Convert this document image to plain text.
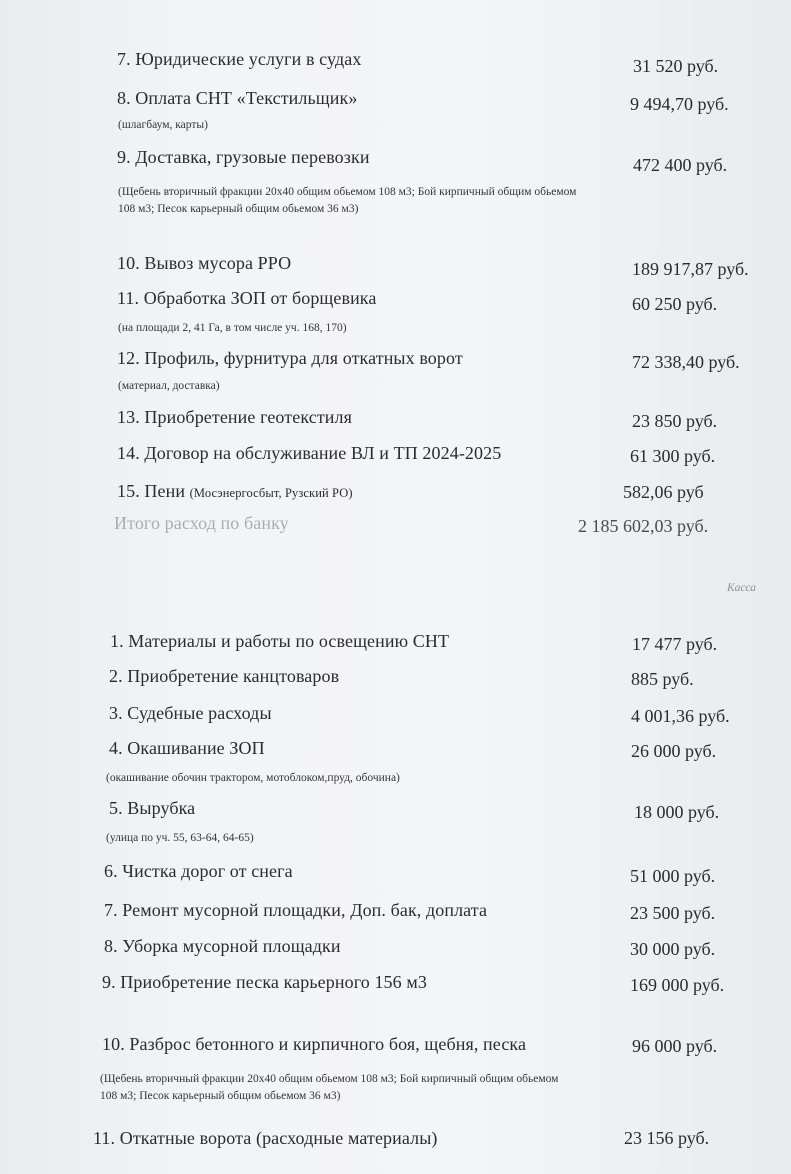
7. Юридические услуги в судах	31 520 руб.
8. Оплата СНТ «Текстильщик»	9 494,70 руб.
(шлагбаум, карты)
9. Доставка, грузовые перевозки	472 400 руб.
(Щебень вторичный фракции 20х40 общим обьемом 108 м3; Бой кирпичный общим обьемом
108 м3; Песок карьерный общим обьемом 36 м3)
10. Вывоз мусора РРО	189 917,87 руб.
11. Обработка ЗОП от борщевика	60 250 руб.
(на площади 2, 41 Га, в том числе уч. 168, 170)
12. Профиль, фурнитура для откатных ворот	72 338,40 руб.
(материал, доставка)
13. Приобретение геотекстиля	23 850 руб.
14. Договор на обслуживание ВЛ и ТП 2024-2025	61 300 руб.
15. Пени (Мосэнергосбыт, Рузский РО)	582,06 руб
Итого расход по банку	2 185 602,03 руб.
Касса
1. Материалы и работы по освещению СНТ	17 477 руб.
2. Приобретение канцтоваров	885 руб.
3. Судебные расходы	4 001,36 руб.
4. Окашивание ЗОП	26 000 руб.
(окашивание обочин трактором, мотоблоком,пруд, обочина)
5. Вырубка	18 000 руб.
(улица по уч. 55, 63-64, 64-65)
6. Чистка дорог от снега	51 000 руб.
7. Ремонт мусорной площадки, Доп. бак, доплата	23 500 руб.
8. Уборка мусорной площадки	30 000 руб.
9. Приобретение песка карьерного 156 м3	169 000 руб.
10. Разброс бетонного и кирпичного боя, щебня, песка	96 000 руб.
(Щебень вторичный фракции 20х40 общим обьемом 108 м3; Бой кирпичный общим обьемом
108 м3; Песок карьерный общим обьемом 36 м3)
11. Откатные ворота (расходные материалы)	23 156 руб.
